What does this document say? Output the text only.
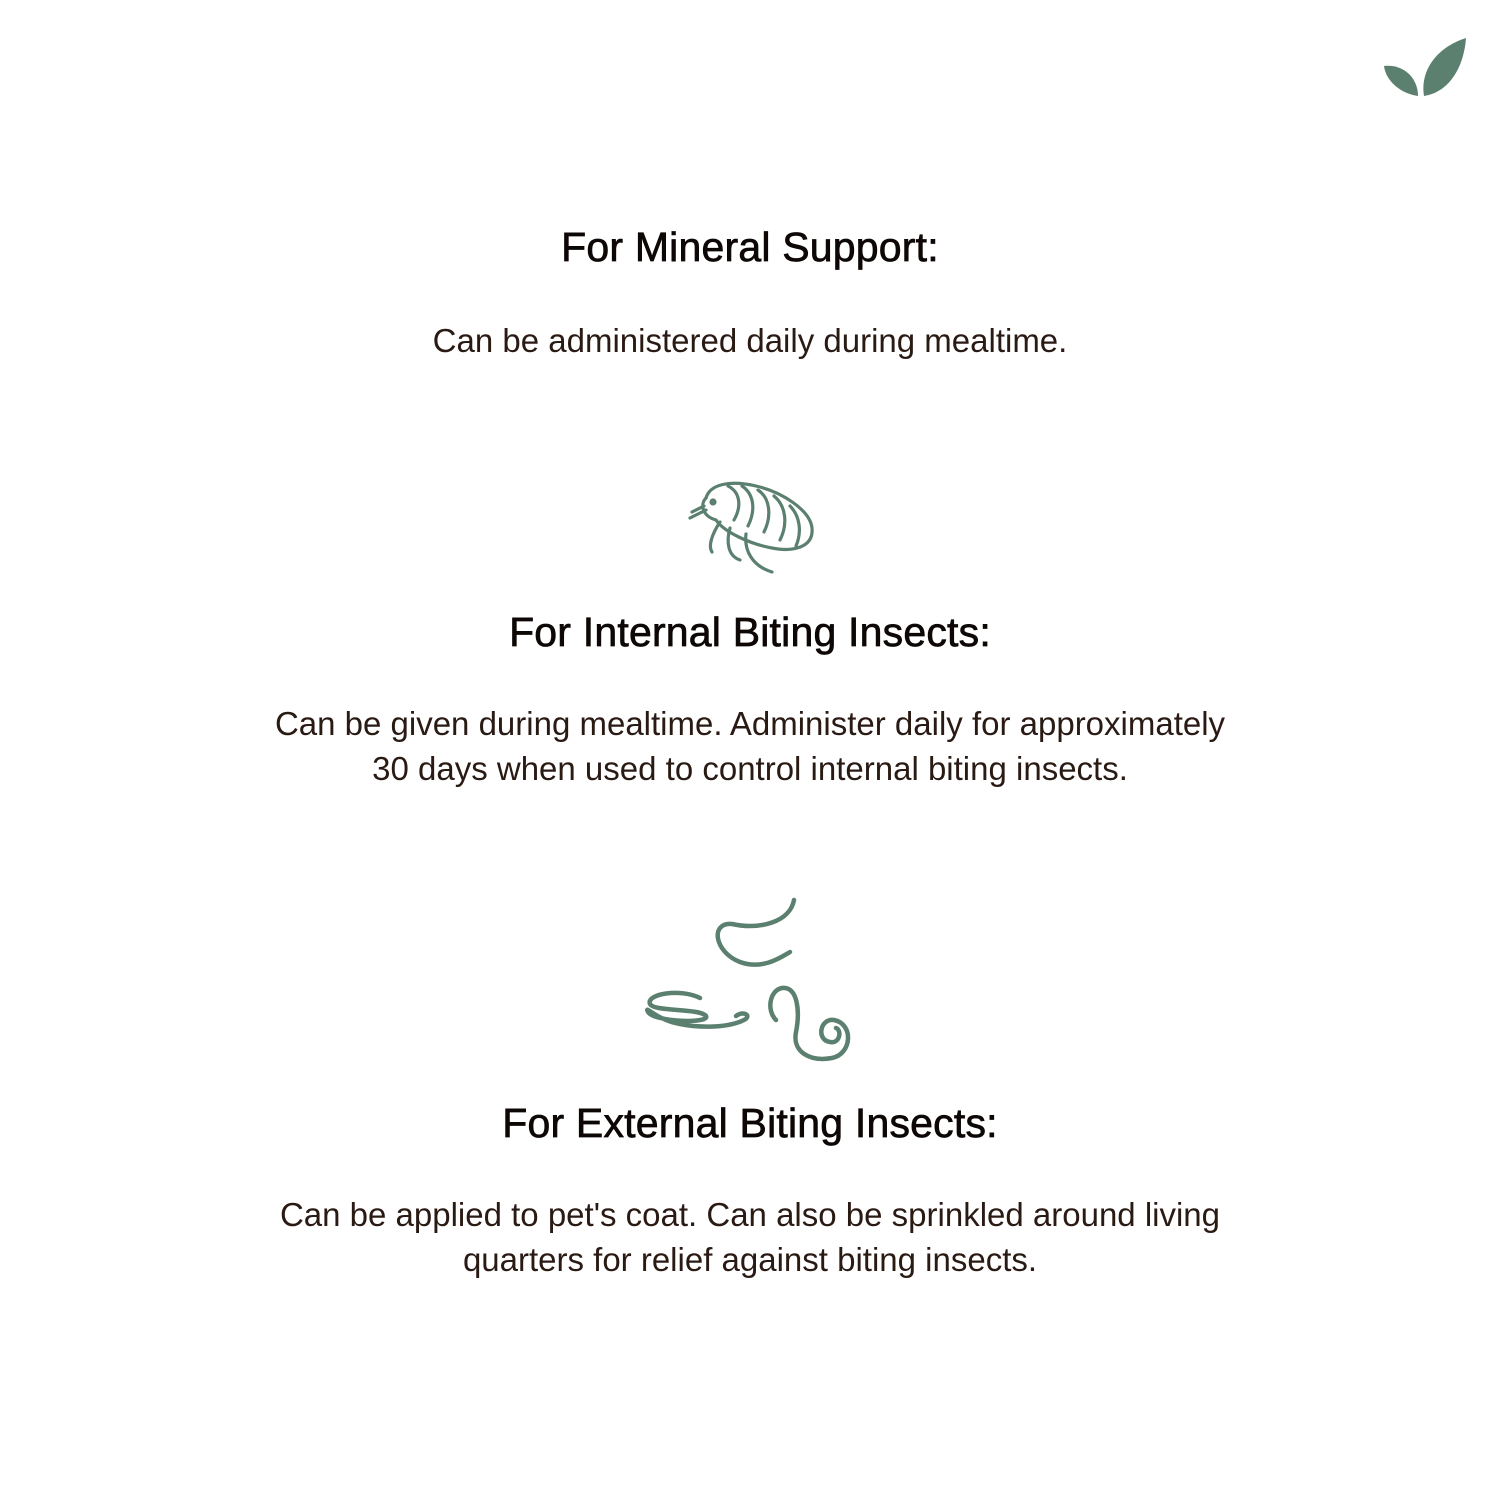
For Mineral Support:

Can be administered daily during mealtime.

For Internal Biting Insects:

Can be given during mealtime. Administer daily for approximately

30 days when used to control internal biting insects.

For External Biting Insects:

Can be applied to pet's coat. Can also be sprinkled around living

quarters for relief against biting insects.
